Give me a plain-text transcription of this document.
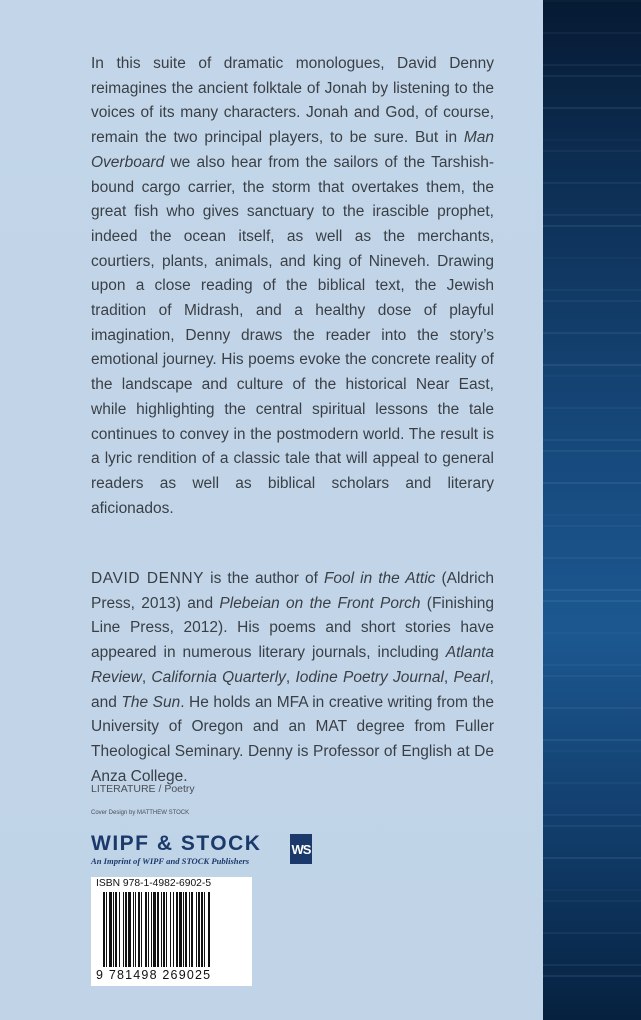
In this suite of dramatic monologues, David Denny reimagines the ancient folktale of Jonah by listening to the voices of its many characters. Jonah and God, of course, remain the two principal players, to be sure. But in Man Overboard we also hear from the sailors of the Tarshish-bound cargo carrier, the storm that overtakes them, the great fish who gives sanctuary to the irascible prophet, indeed the ocean itself, as well as the merchants, courtiers, plants, animals, and king of Nineveh. Drawing upon a close reading of the biblical text, the Jewish tradition of Midrash, and a healthy dose of playful imagination, Denny draws the reader into the story’s emotional journey. His poems evoke the concrete reality of the landscape and culture of the historical Near East, while highlighting the central spiritual lessons the tale continues to convey in the postmodern world. The result is a lyric rendition of a classic tale that will appeal to general readers as well as biblical scholars and literary aficionados.

DAVID DENNY is the author of Fool in the Attic (Aldrich Press, 2013) and Plebeian on the Front Porch (Finishing Line Press, 2012). His poems and short stories have appeared in numerous literary journals, including Atlanta Review, California Quarterly, Iodine Poetry Journal, Pearl, and The Sun. He holds an MFA in creative writing from the University of Oregon and an MAT degree from Fuller Theological Seminary. Denny is Professor of English at De Anza College.

LITERATURE / Poetry
Cover Design by MATTHEW STOCK
WIPF & STOCK
An Imprint of WIPF and STOCK Publishers
WS
ISBN 978-1-4982-6902-5
9 781498 269025
